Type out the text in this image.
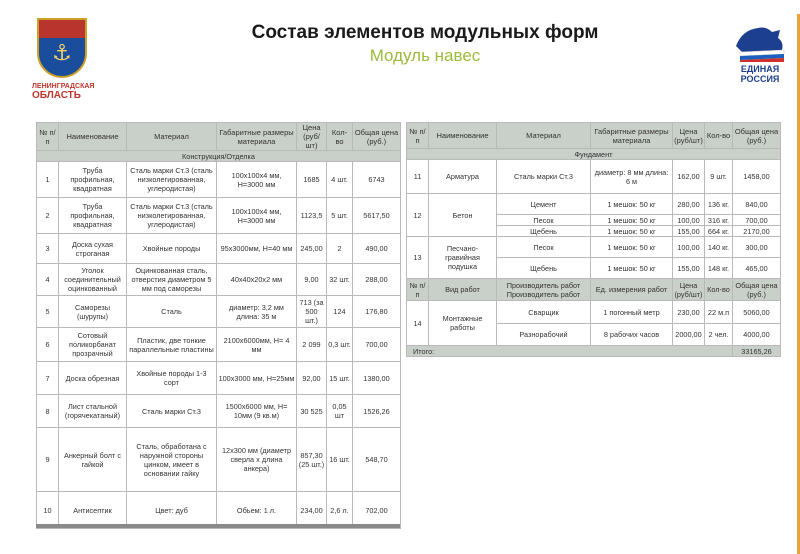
⚓
ЛЕНИНГРАДСКАЯ
ОБЛАСТЬ
ЕДИНАЯ
РОССИЯ
Состав элементов модульных форм
Модуль навес
№ п/п	Наименование	Материал	Габаритные размеры материала	Цена (руб/шт)	Кол-во	Общая цена (руб.)
Конструкция/Отделка						
1	Труба профильная, квадратная	Сталь марки Ст.3 (сталь низколегированная, углеродистая)	100x100x4 мм, H=3000 мм	1685	4 шт.	6743
2	Труба профильная, квадратная	Сталь марки Ст.3 (сталь низколегированная, углеродистая)	100x100x4 мм, H=3000 мм	1123,5	5 шт.	5617,50
3	Доска сухая строганая	Хвойные породы	95х3000мм, Н=40 мм	245,00	2	490,00
4	Уголок соединительный оцинкованный	Оцинкованная сталь, отверстия диаметром 5 мм под саморезы	40х40х20х2 мм	9,00	32 шт.	288,00
5	Саморезы (шурупы)	Сталь	диаметр: 3,2 мм длина: 35 м	713 (за 500 шт.)	124	176,80
6	Сотовый поликорбанат прозрачный	Пластик, две тонкие параллельные пластины	2100х6000мм, Н= 4 мм	2 099	0,3 шт.	700,00
7	Доска обрезная	Хвойные породы 1-3 сорт	100х3000 мм, Н=25мм	92,00	15 шт.	1380,00
8	Лист стальной (горячекатаный)	Сталь марки Ст.3	1500х6000 мм, Н= 10мм (9 кв.м)	30 525	0,05 шт	1526,26
9	Анкерный болт с гайкой	Сталь, обработана с наружной стороны цинком, имеет в основании гайку	12х300 мм (диаметр сверла х длина анкера)	857,30 (25 шт.)	16 шт.	548,70
10	Антисептик	Цвет: дуб	Обьем: 1 л.	234,00	2,6 л.	702,00
№ п/п	Наименование	Материал	Габаритные размеры материала	Цена (руб/шт)	Кол-во	Общая цена (руб.)
Фундамент						
11	Арматура	Сталь марки Ст.3	диаметр: 8 мм длина: 6 м	162,00	9 шт.	1458,00
12	Бетон	Цемент	1 мешок: 50 кг	280,00	136 кг.	840,00
		Песок	1 мешок: 50 кг	100,00	316 кг.	700,00
		Щебень	1 мешок: 50 кг	155,00	664 кг.	2170,00
13	Песчано-гравийная подушка	Песок	1 мешок: 50 кг	100,00	140 кг.	300,00
		Щебень	1 мешок: 50 кг	155,00	148 кг.	465,00
№ п/п	Вид работ	Производитель работ Производитель работ	Ед. измерения работ	Цена (руб/шт)	Кол-во	Общая цена (руб.)
14	Монтажные работы	Сварщик	1 погонный метр	230,00	22 м.п	5060,00
		Разнорабочий	8 рабочих часов	2000,00	2 чел.	4000,00
Итого:						33165,26
